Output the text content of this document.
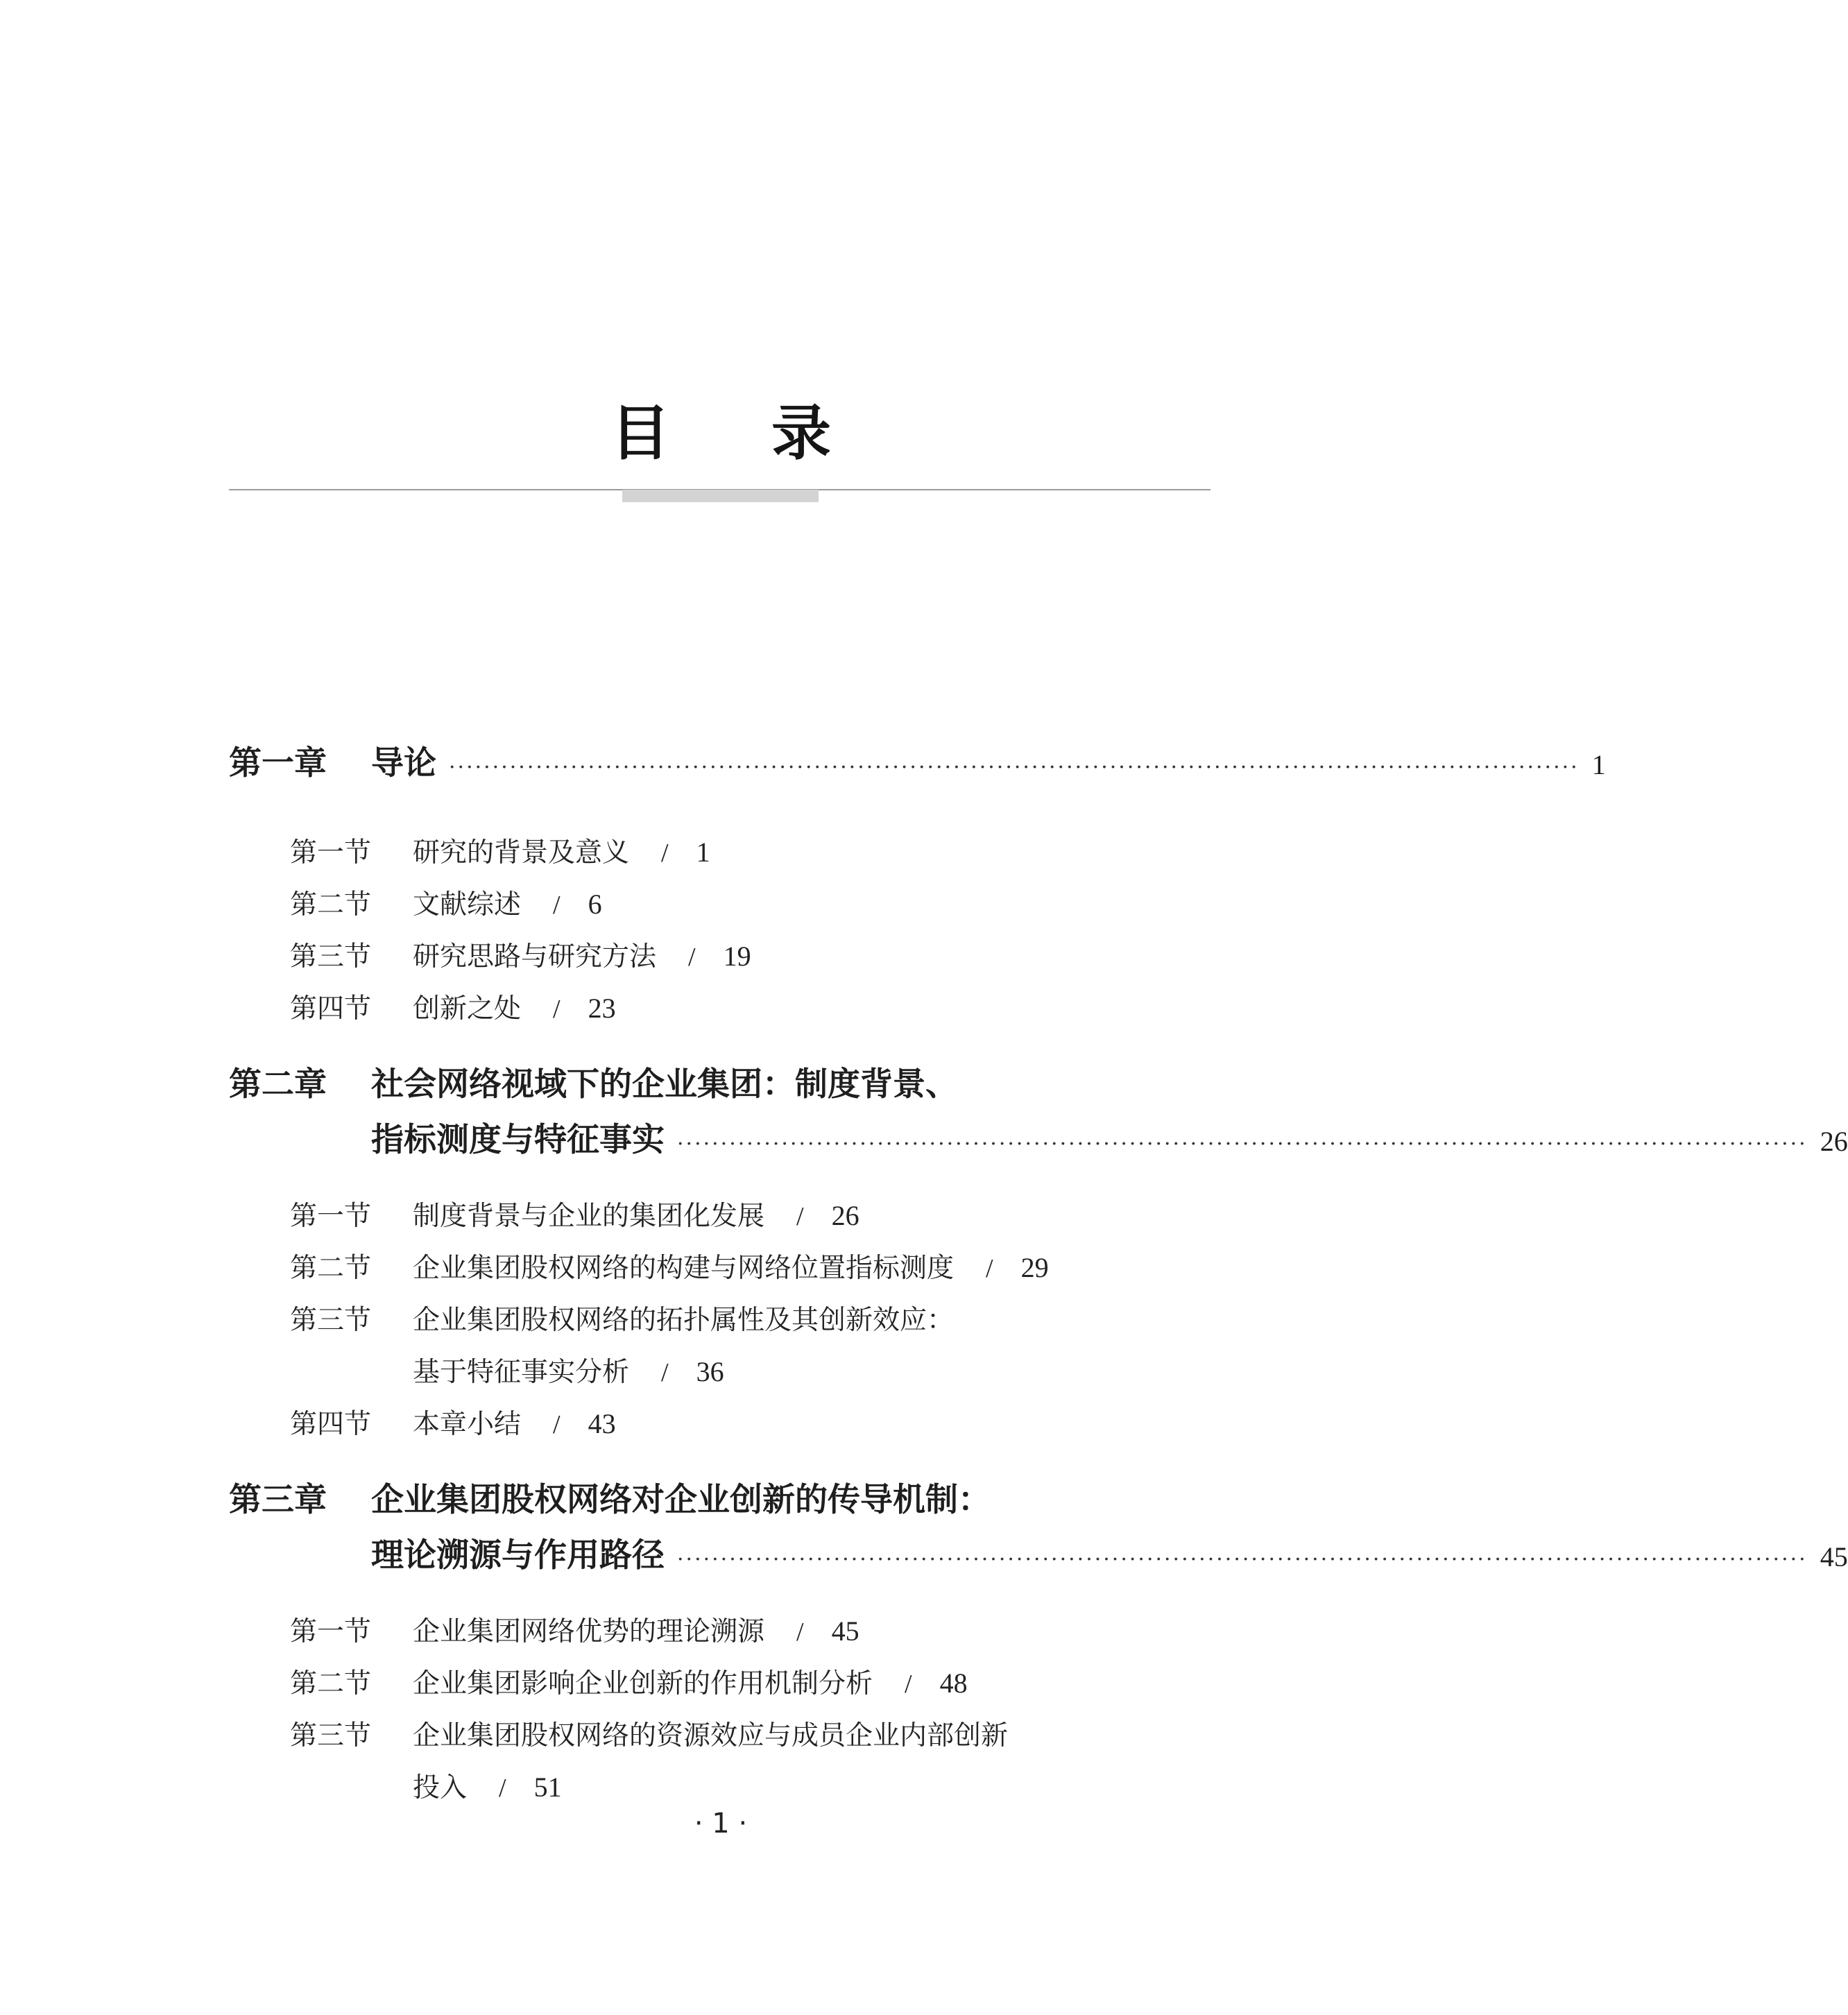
目 录
第一章	导论 ·································································································································· 1
第一节	研究的背景及意义 / 1
第二节	文献综述 / 6
第三节	研究思路与研究方法 / 19
第四节	创新之处 / 23
第二章	社会网络视域下的企业集团：制度背景、
指标测度与特征事实 ·································································································································· 26
第一节	制度背景与企业的集团化发展 / 26
第二节	企业集团股权网络的构建与网络位置指标测度 / 29
第三节	企业集团股权网络的拓扑属性及其创新效应：
基于特征事实分析 / 36
第四节	本章小结 / 43
第三章	企业集团股权网络对企业创新的传导机制：
理论溯源与作用路径 ·································································································································· 45
第一节	企业集团网络优势的理论溯源 / 45
第二节	企业集团影响企业创新的作用机制分析 / 48
第三节	企业集团股权网络的资源效应与成员企业内部创新
投入 / 51
· 1 ·
